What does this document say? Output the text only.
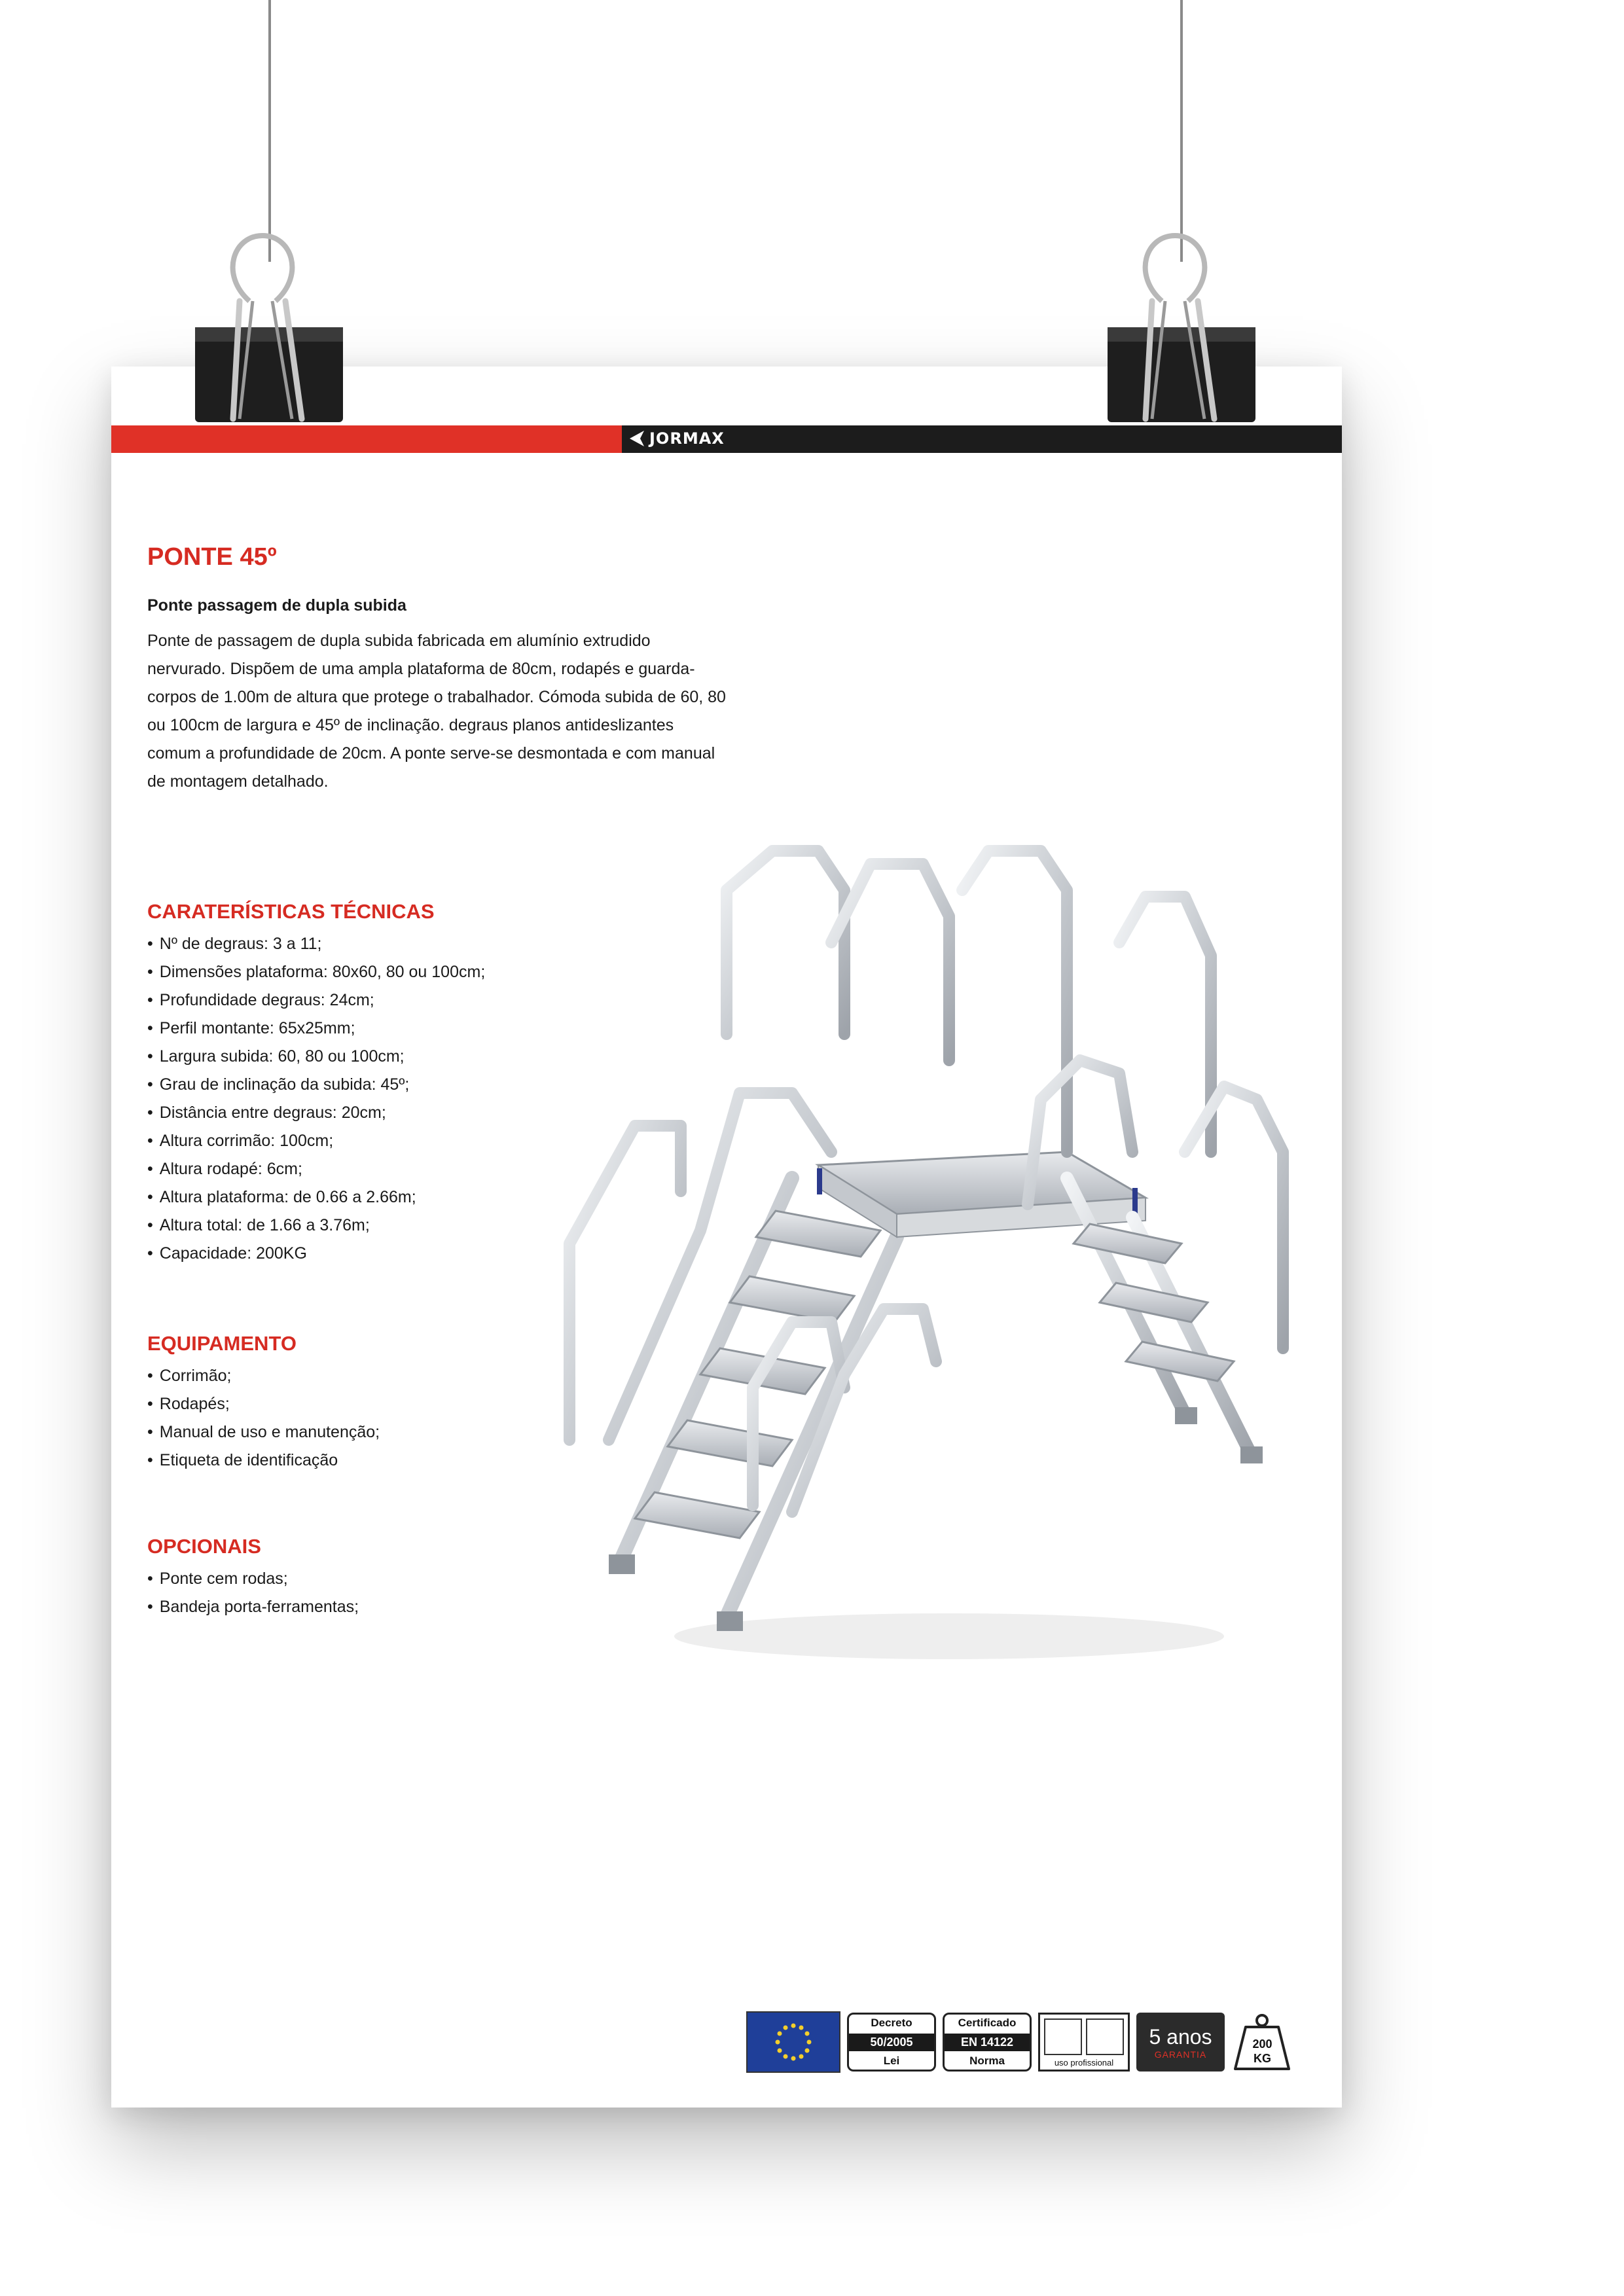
JORMAX
PONTE 45º

Ponte passagem de dupla subida

Ponte de passagem de dupla subida fabricada em alumínio extrudido nervurado. Dispõem de uma ampla plataforma de 80cm, rodapés e guarda-corpos de 1.00m de altura que protege o trabalhador. Cómoda subida de 60, 80 ou 100cm de largura e 45º de inclinação. degraus planos antideslizantes comum a profundidade de 20cm. A ponte serve-se desmontada e com manual de montagem detalhado.

CARATERÍSTICAS TÉCNICAS
• Nº de degraus: 3 a 11;
• Dimensões plataforma: 80x60, 80 ou 100cm;
• Profundidade degraus: 24cm;
• Perfil montante: 65x25mm;
• Largura subida: 60, 80 ou 100cm;
• Grau de inclinação da subida: 45º;
• Distância entre degraus: 20cm;
• Altura corrimão: 100cm;
• Altura rodapé: 6cm;
• Altura plataforma: de 0.66 a 2.66m;
• Altura total: de 1.66 a 3.76m;
• Capacidade: 200KG
EQUIPAMENTO
• Corrimão;
• Rodapés;
• Manual de uso e manutenção;
• Etiqueta de identificação
OPCIONAIS
• Ponte cem rodas;
• Bandeja porta-ferramentas;
Decreto
50/2005
Lei
Certificado
EN 14122
Norma	uso profissional
5 anos
GARANTIA
200
KG
